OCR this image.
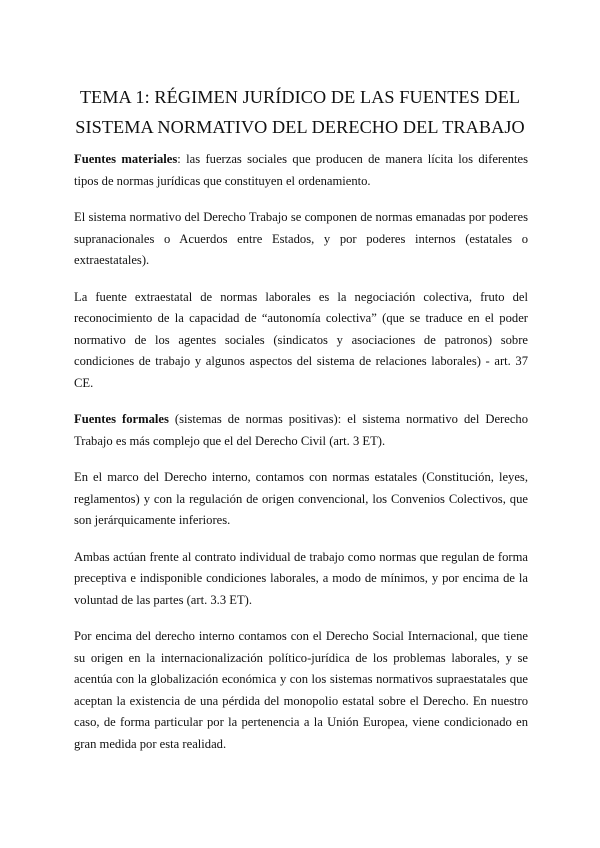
TEMA 1: RÉGIMEN JURÍDICO DE LAS FUENTES DEL
SISTEMA NORMATIVO DEL DERECHO DEL TRABAJO

Fuentes materiales: las fuerzas sociales que producen de manera lícita los diferentes tipos de normas jurídicas que constituyen el ordenamiento.

El sistema normativo del Derecho Trabajo se componen de normas emanadas por poderes supranacionales o Acuerdos entre Estados, y por poderes internos (estatales o extraestatales).

La fuente extraestatal de normas laborales es la negociación colectiva, fruto del reconocimiento de la capacidad de “autonomía colectiva” (que se traduce en el poder normativo de los agentes sociales (sindicatos y asociaciones de patronos) sobre condiciones de trabajo y algunos aspectos del sistema de relaciones laborales) - art. 37 CE.

Fuentes formales (sistemas de normas positivas): el sistema normativo del Derecho Trabajo es más complejo que el del Derecho Civil (art. 3 ET).

En el marco del Derecho interno, contamos con normas estatales (Constitución, leyes, reglamentos) y con la regulación de origen convencional, los Convenios Colectivos, que son jerárquicamente inferiores.

Ambas actúan frente al contrato individual de trabajo como normas que regulan de forma preceptiva e indisponible condiciones laborales, a modo de mínimos, y por encima de la voluntad de las partes (art. 3.3 ET).

Por encima del derecho interno contamos con el Derecho Social Internacional, que tiene su origen en la internacionalización político-jurídica de los problemas laborales, y se acentúa con la globalización económica y con los sistemas normativos supraestatales que aceptan la existencia de una pérdida del monopolio estatal sobre el Derecho. En nuestro caso, de forma particular por la pertenencia a la Unión Europea, viene condicionado en gran medida por esta realidad.
